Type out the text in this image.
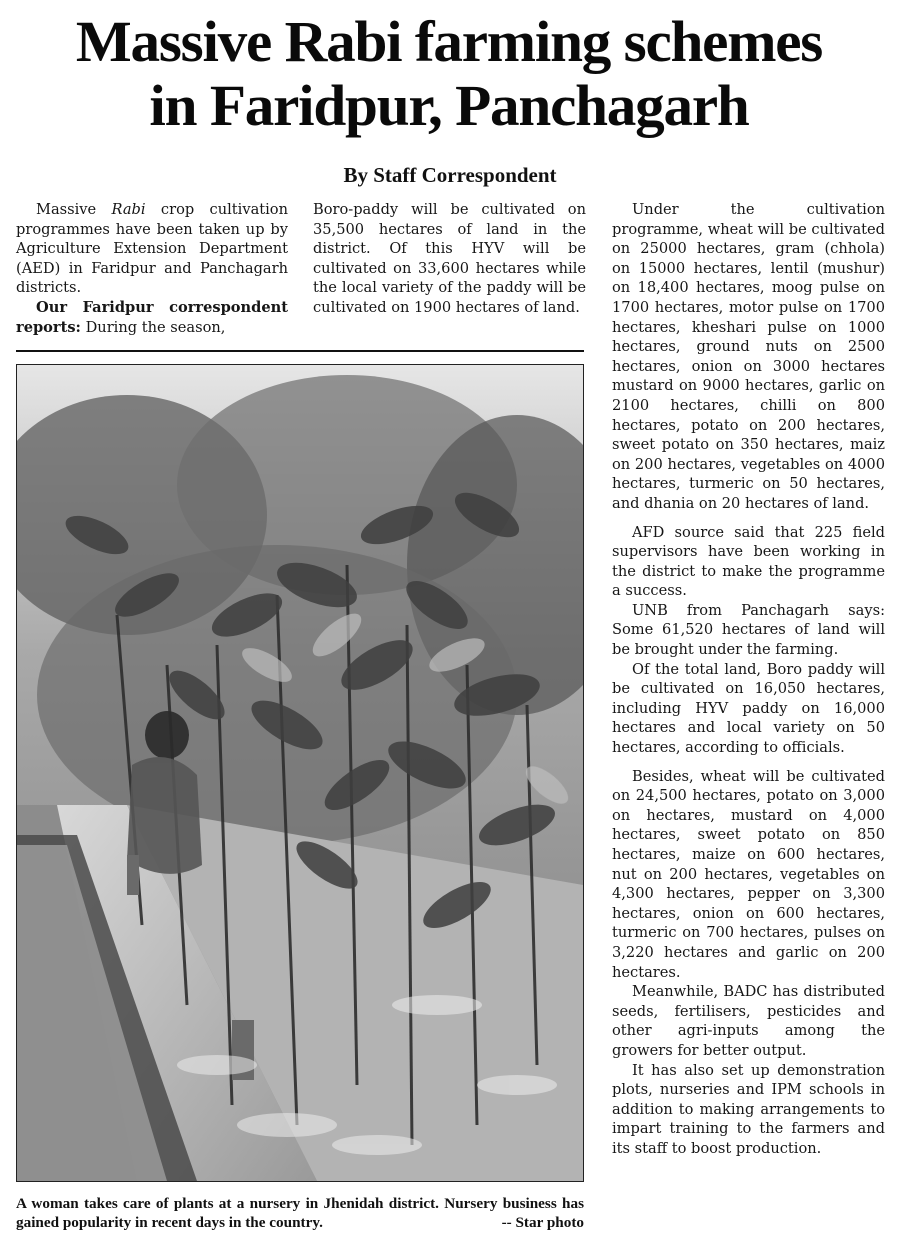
Massive Rabi farming schemes
in Faridpur, Panchagarh
By Staff Correspondent

Massive Rabi crop cultivation programmes have been taken up by Agriculture Extension Department (AED) in Faridpur and Panchagarh districts.

Our Faridpur correspondent reports: During the season,

Boro-paddy will be cultivated on 35,500 hectares of land in the district. Of this HYV will be cultivated on 33,600 hectares while the local variety of the paddy will be cultivated on 1900 hectares of land.

A woman takes care of plants at a nursery in Jhenidah district. Nursery business has gained popularity in recent days in the country.	-- Star photo

Under the cultivation programme, wheat will be cultivated on 25000 hectares, gram (chhola) on 15000 hectares, lentil (mushur) on 18,400 hectares, moog pulse on 1700 hectares, motor pulse on 1700 hectares, kheshari pulse on 1000 hectares, ground nuts on 2500 hectares, onion on 3000 hectares mustard on 9000 hectares, garlic on 2100 hectares, chilli on 800 hectares, potato on 200 hectares, sweet potato on 350 hectares, maiz on 200 hectares, vegetables on 4000 hectares, turmeric on 50 hectares, and dhania on 20 hectares of land.

AFD source said that 225 field supervisors have been working in the district to make the programme a success.

UNB from Panchagarh says: Some 61,520 hectares of land will be brought under the farming.

Of the total land, Boro paddy will be cultivated on 16,050 hectares, including HYV paddy on 16,000 hectares and local variety on 50 hectares, according to officials.

Besides, wheat will be cultivated on 24,500 hectares, potato on 3,000 on hectares, mustard on 4,000 hectares, sweet potato on 850 hectares, maize on 600 hectares, nut on 200 hectares, vegetables on 4,300 hectares, pepper on 3,300 hectares, onion on 600 hectares, turmeric on 700 hectares, pulses on 3,220 hectares and garlic on 200 hectares.

Meanwhile, BADC has distributed seeds, fertilisers, pesticides and other agri-inputs among the growers for better output.

It has also set up demonstration plots, nurseries and IPM schools in addition to making arrangements to impart training to the farmers and its staff to boost production.
